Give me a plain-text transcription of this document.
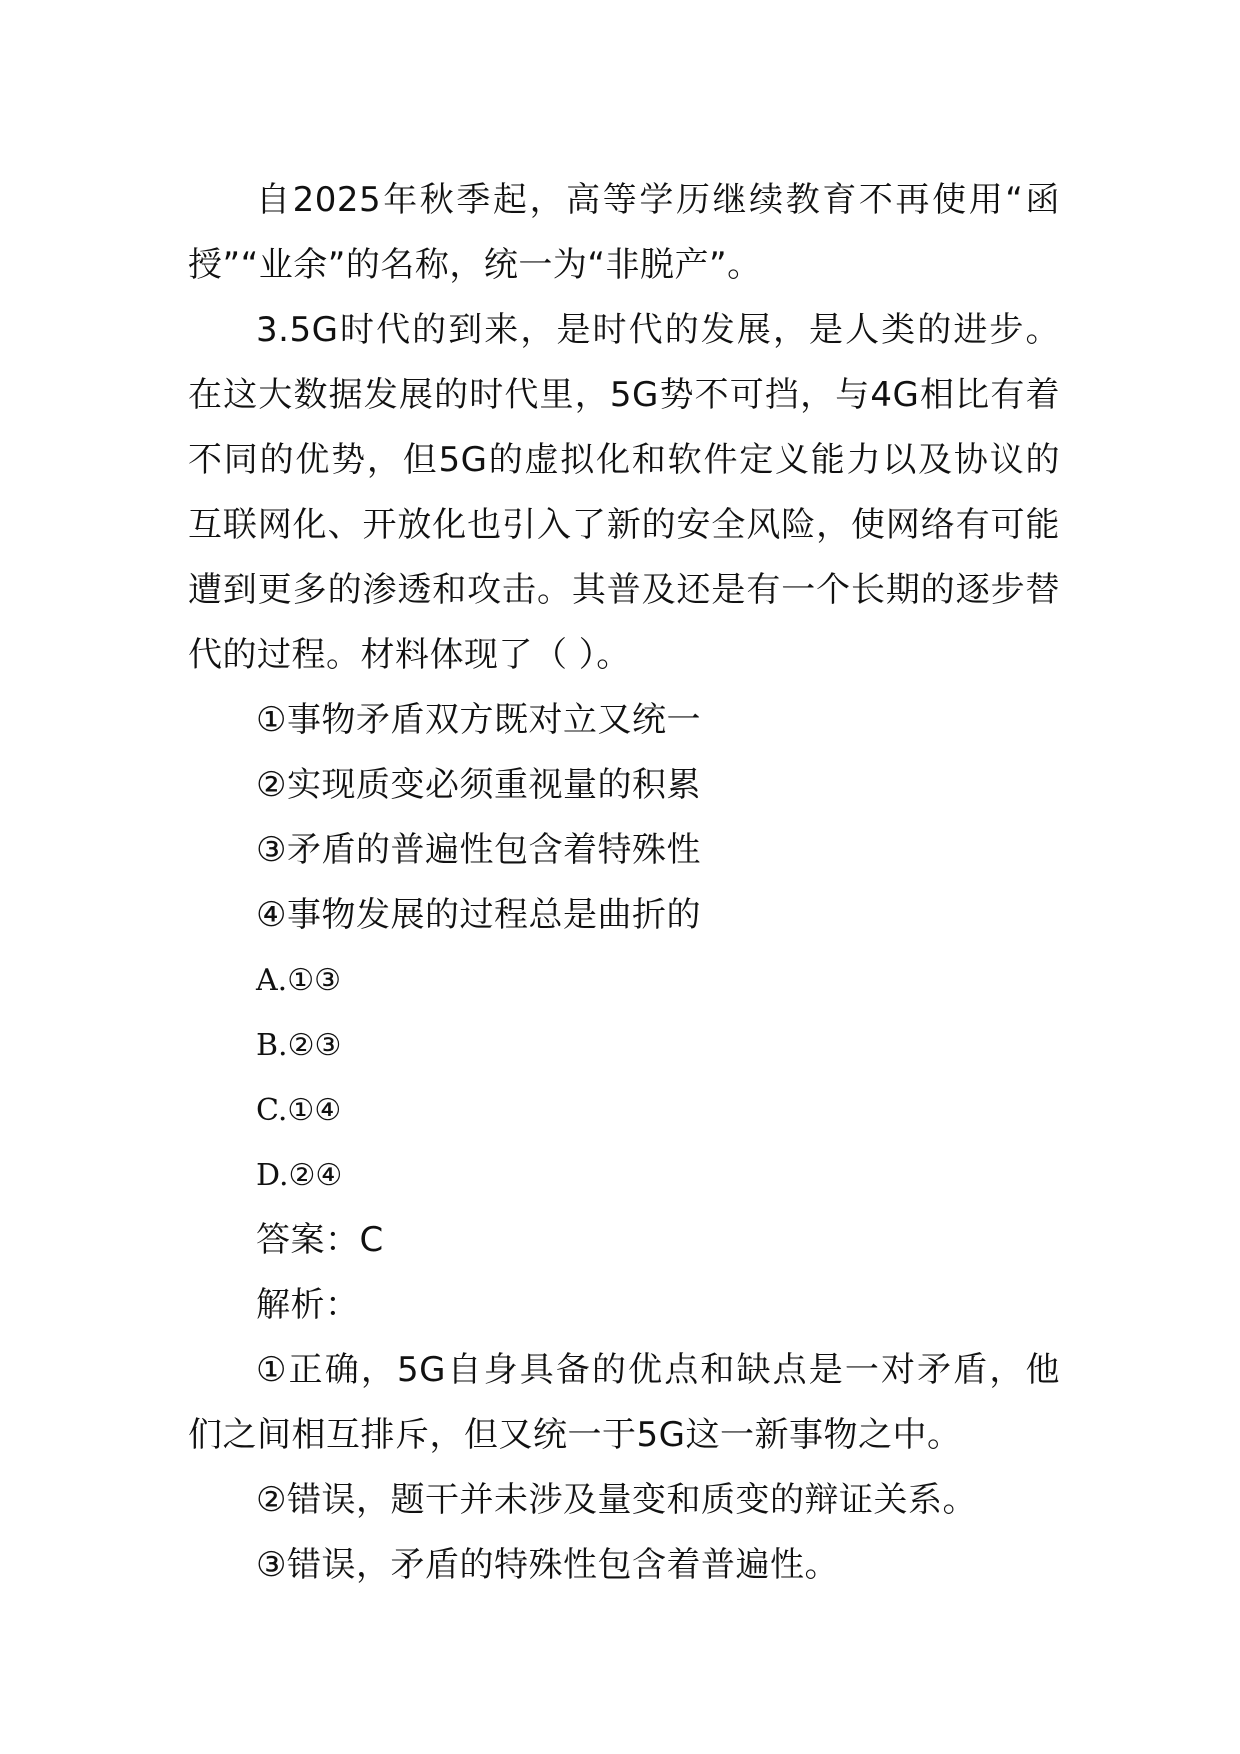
自2025年秋季起，高等学历继续教育不再使用“函授”“业余”的名称，统一为“非脱产”。

3.5G时代的到来，是时代的发展，是人类的进步。在这大数据发展的时代里，5G势不可挡，与4G相比有着不同的优势，但5G的虚拟化和软件定义能力以及协议的互联网化、开放化也引入了新的安全风险，使网络有可能遭到更多的渗透和攻击。其普及还是有一个长期的逐步替代的过程。材料体现了（ ）。

①事物矛盾双方既对立又统一

②实现质变必须重视量的积累

③矛盾的普遍性包含着特殊性

④事物发展的过程总是曲折的

A.①③

B.②③

C.①④

D.②④

答案：C

解析：

①正确，5G自身具备的优点和缺点是一对矛盾，他们之间相互排斥，但又统一于5G这一新事物之中。

②错误，题干并未涉及量变和质变的辩证关系。

③错误，矛盾的特殊性包含着普遍性。
